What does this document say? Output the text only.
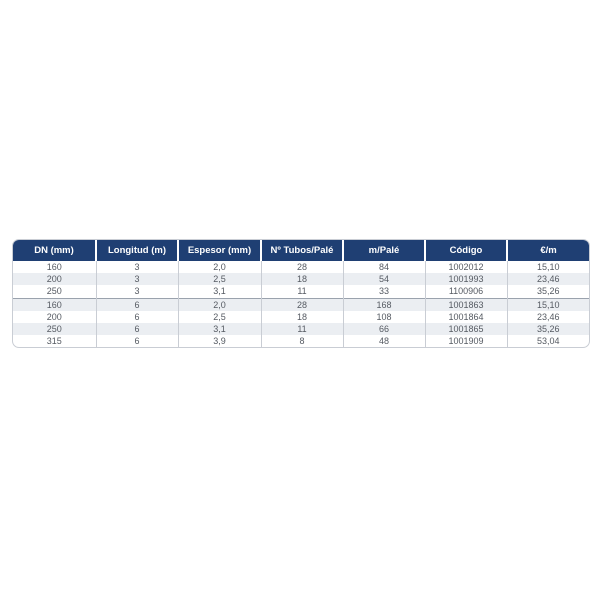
DN (mm)	Longitud (m)	Espesor (mm)	Nº Tubos/Palé	m/Palé	Código	€/m
160	3	2,0	28	84	1002012	15,10
200	3	2,5	18	54	1001993	23,46
250	3	3,1	11	33	1100906	35,26
160	6	2,0	28	168	1001863	15,10
200	6	2,5	18	108	1001864	23,46
250	6	3,1	11	66	1001865	35,26
315	6	3,9	8	48	1001909	53,04
